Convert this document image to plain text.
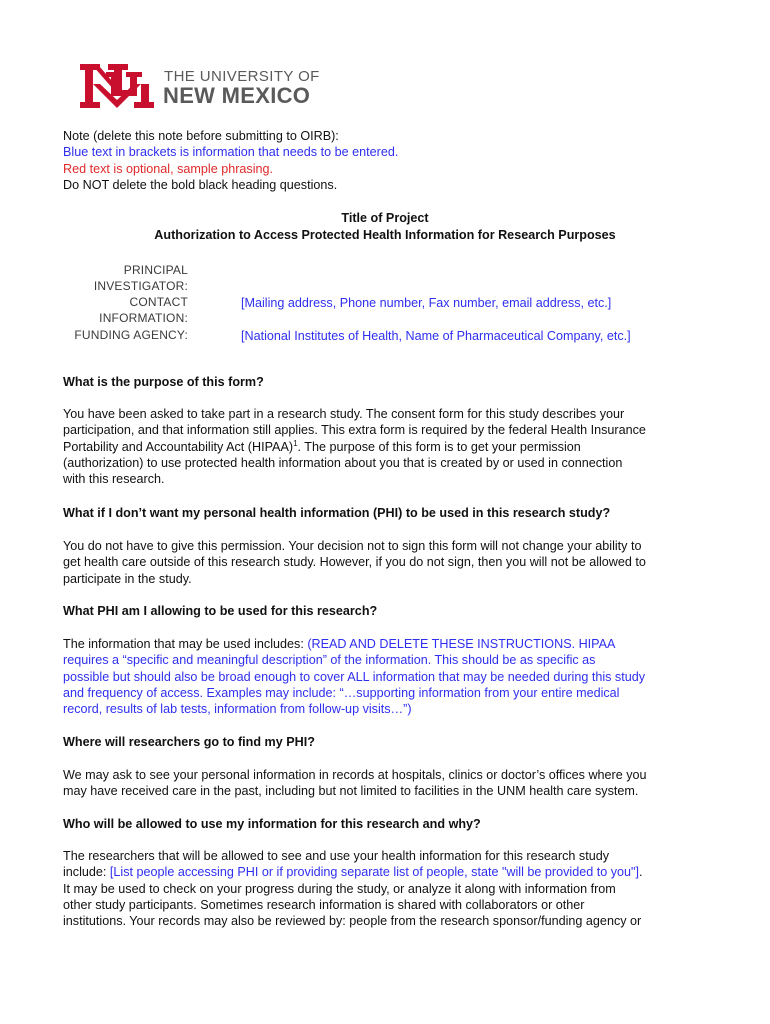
THE UNIVERSITY OF
NEW MEXICO
Note (delete this note before submitting to OIRB):
Blue text in brackets is information that needs to be entered.
Red text is optional, sample phrasing.
Do NOT delete the bold black heading questions.
Title of Project
Authorization to Access Protected Health Information for Research Purposes
PRINCIPAL
INVESTIGATOR:
CONTACT
INFORMATION:
[Mailing address, Phone number, Fax number, email address, etc.]
FUNDING AGENCY:	[National Institutes of Health, Name of Pharmaceutical Company, etc.]
What is the purpose of this form?
You have been asked to take part in a research study. The consent form for this study describes your
participation, and that information still applies. This extra form is required by the federal Health Insurance
Portability and Accountability Act (HIPAA)$^1$. The purpose of this form is to get your permission
(authorization) to use protected health information about you that is created by or used in connection
with this research.
What if I don’t want my personal health information (PHI) to be used in this research study?
You do not have to give this permission. Your decision not to sign this form will not change your ability to
get health care outside of this research study. However, if you do not sign, then you will not be allowed to
participate in the study.
What PHI am I allowing to be used for this research?
The information that may be used includes: (READ AND DELETE THESE INSTRUCTIONS. HIPAA
requires a “specific and meaningful description” of the information. This should be as specific as
possible but should also be broad enough to cover ALL information that may be needed during this study
and frequency of access. Examples may include: “…supporting information from your entire medical
record, results of lab tests, information from follow-up visits…”)
Where will researchers go to find my PHI?
We may ask to see your personal information in records at hospitals, clinics or doctor’s offices where you
may have received care in the past, including but not limited to facilities in the UNM health care system.
Who will be allowed to use my information for this research and why?
The researchers that will be allowed to see and use your health information for this research study
include: [List people accessing PHI or if providing separate list of people, state "will be provided to you"].
It may be used to check on your progress during the study, or analyze it along with information from
other study participants. Sometimes research information is shared with collaborators or other
institutions. Your records may also be reviewed by: people from the research sponsor/funding agency or
